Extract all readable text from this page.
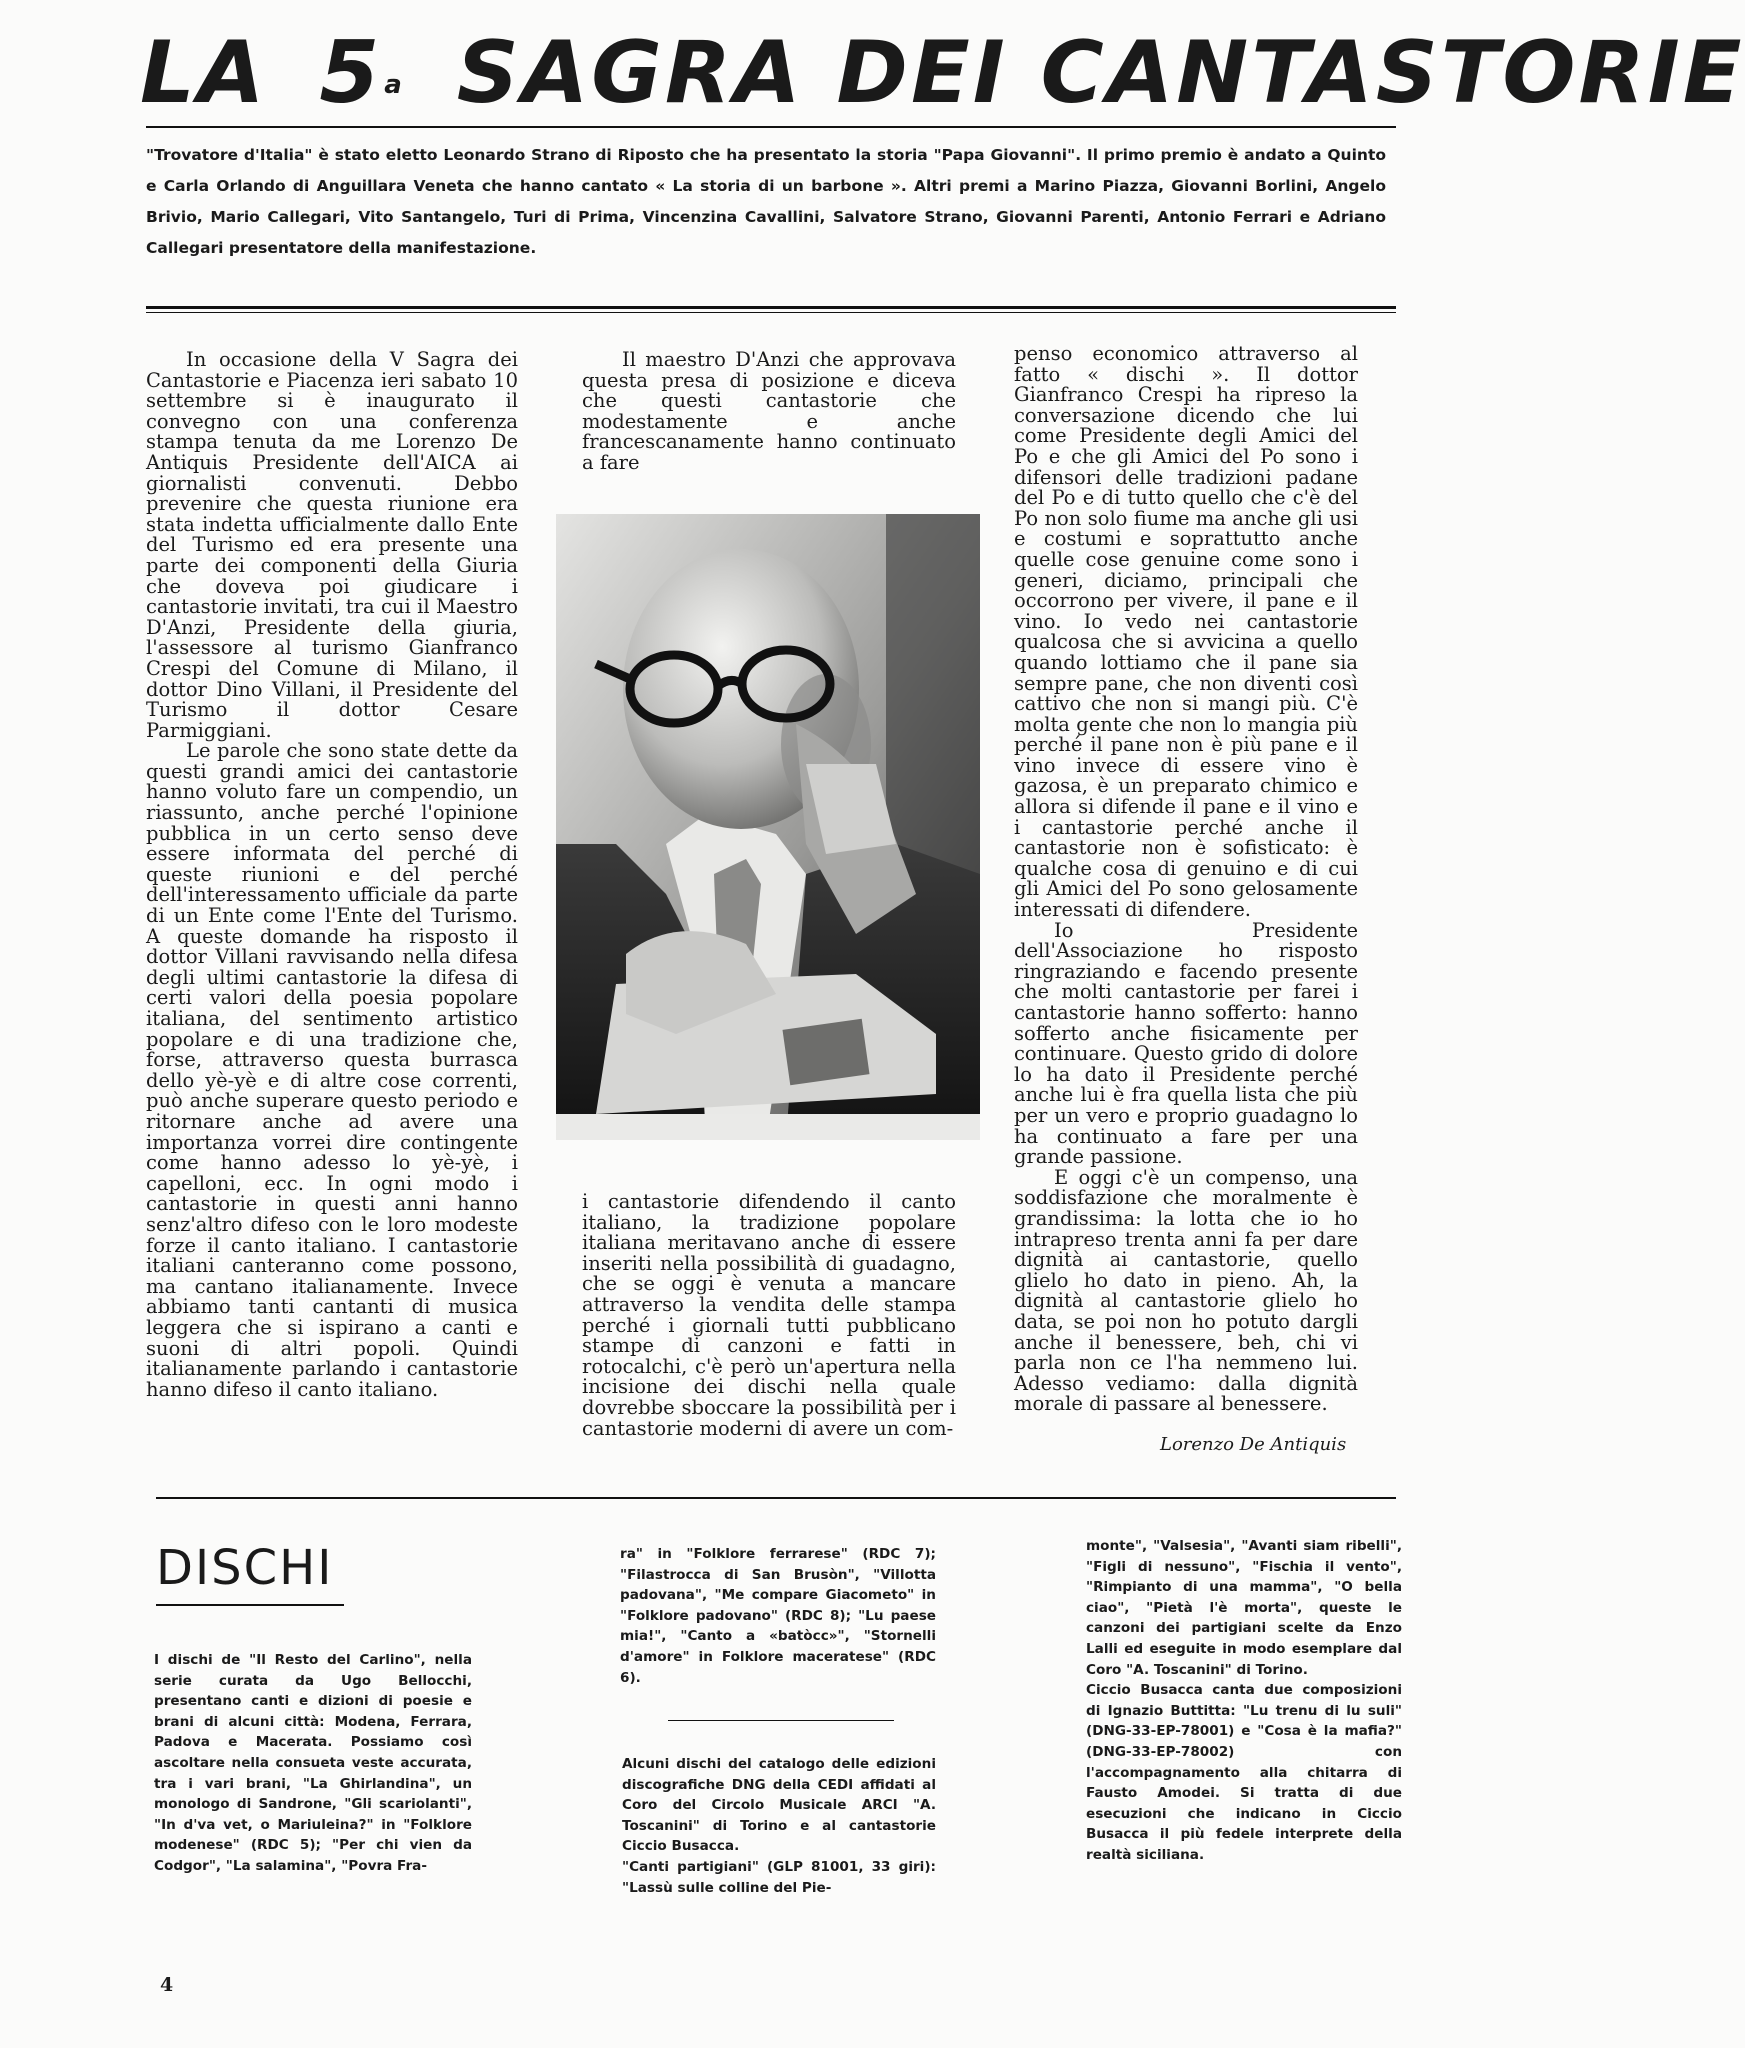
LA 5$^a$ SAGRA DEI CANTASTORIE
"Trovatore d'Italia" è stato eletto Leonardo Strano di Riposto che ha presentato la storia "Papa Giovanni". Il primo premio è andato a Quinto e Carla Orlando di Anguillara Veneta che hanno cantato « La storia di un barbone ». Altri premi a Marino Piazza, Giovanni Borlini, Angelo Brivio, Mario Callegari, Vito Santangelo, Turi di Prima, Vincenzina Cavallini, Salvatore Strano, Giovanni Parenti, Antonio Ferrari e Adriano Callegari presentatore della manifestazione.

In occasione della V Sagra dei Cantastorie e Piacenza ieri sabato 10 settembre si è inaugurato il convegno con una conferenza stampa tenuta da me Lorenzo De Antiquis Presidente dell'AICA ai giornalisti convenuti. Debbo prevenire che questa riunione era stata indetta ufficialmente dallo Ente del Turismo ed era presente una parte dei componenti della Giuria che doveva poi giudicare i cantastorie invitati, tra cui il Maestro D'Anzi, Presidente della giuria, l'assessore al turismo Gianfranco Crespi del Comune di Milano, il dottor Dino Villani, il Presidente del Turismo il dottor Cesare Parmiggiani.

Le parole che sono state dette da questi grandi amici dei cantastorie hanno voluto fare un compendio, un riassunto, anche perché l'opinione pubblica in un certo senso deve essere informata del perché di queste riunioni e del perché dell'interessamento ufficiale da parte di un Ente come l'Ente del Turismo. A queste domande ha risposto il dottor Villani ravvisando nella difesa degli ultimi cantastorie la difesa di certi valori della poesia popolare italiana, del sentimento artistico popolare e di una tradizione che, forse, attraverso questa burrasca dello yè-yè e di altre cose correnti, può anche superare questo periodo e ritornare anche ad avere una importanza vorrei dire contingente come hanno adesso lo yè-yè, i capelloni, ecc. In ogni modo i cantastorie in questi anni hanno senz'altro difeso con le loro modeste forze il canto italiano. I cantastorie italiani canteranno come possono, ma cantano italianamente. Invece abbiamo tanti cantanti di musica leggera che si ispirano a canti e suoni di altri popoli. Quindi italianamente parlando i cantastorie hanno difeso il canto italiano.

Il maestro D'Anzi che approvava questa presa di posizione e diceva che questi cantastorie che modestamente e anche francescanamente hanno continuato a fare

i cantastorie difendendo il canto italiano, la tradizione popolare italiana meritavano anche di essere inseriti nella possibilità di guadagno, che se oggi è venuta a mancare attraverso la vendita delle stampa perché i giornali tutti pubblicano stampe di canzoni e fatti in rotocalchi, c'è però un'apertura nella incisione dei dischi nella quale dovrebbe sboccare la possibilità per i cantastorie moderni di avere un com-

penso economico attraverso al fatto « dischi ». Il dottor Gianfranco Crespi ha ripreso la conversazione dicendo che lui come Presidente degli Amici del Po e che gli Amici del Po sono i difensori delle tradizioni padane del Po e di tutto quello che c'è del Po non solo fiume ma anche gli usi e costumi e soprattutto anche quelle cose genuine come sono i generi, diciamo, principali che occorrono per vivere, il pane e il vino. Io vedo nei cantastorie qualcosa che si avvicina a quello quando lottiamo che il pane sia sempre pane, che non diventi così cattivo che non si mangi più. C'è molta gente che non lo mangia più perché il pane non è più pane e il vino invece di essere vino è gazosa, è un preparato chimico e allora si difende il pane e il vino e i cantastorie perché anche il cantastorie non è sofisticato: è qualche cosa di genuino e di cui gli Amici del Po sono gelosamente interessati di difendere.

Io Presidente dell'Associazione ho risposto ringraziando e facendo presente che molti cantastorie per farei i cantastorie hanno sofferto: hanno sofferto anche fisicamente per continuare. Questo grido di dolore lo ha dato il Presidente perché anche lui è fra quella lista che più per un vero e proprio guadagno lo ha continuato a fare per una grande passione.

E oggi c'è un compenso, una soddisfazione che moralmente è grandissima: la lotta che io ho intrapreso trenta anni fa per dare dignità ai cantastorie, quello glielo ho dato in pieno. Ah, la dignità al cantastorie glielo ho data, se poi non ho potuto dargli anche il benessere, beh, chi vi parla non ce l'ha nemmeno lui. Adesso vediamo: dalla dignità morale di passare al benessere.

Lorenzo De Antiquis
DISCHI

I dischi de "Il Resto del Carlino", nella serie curata da Ugo Bellocchi, presentano canti e dizioni di poesie e brani di alcuni città: Modena, Ferrara, Padova e Macerata. Possiamo così ascoltare nella consueta veste accurata, tra i vari brani, "La Ghirlandina", un monologo di Sandrone, "Gli scariolanti", "In d'va vet, o Mariuleina?" in "Folklore modenese" (RDC 5); "Per chi vien da Codgor", "La salamina", "Povra Fra-

ra" in "Folklore ferrarese" (RDC 7); "Filastrocca di San Brusòn", "Villotta padovana", "Me compare Giacometo" in "Folklore padovano" (RDC 8); "Lu paese mia!", "Canto a «batòcc»", "Stornelli d'amore" in Folklore maceratese" (RDC 6).

Alcuni dischi del catalogo delle edizioni discografiche DNG della CEDI affidati al Coro del Circolo Musicale ARCI "A. Toscanini" di Torino e al cantastorie Ciccio Busacca.

"Canti partigiani" (GLP 81001, 33 giri): "Lassù sulle colline del Pie-

monte", "Valsesia", "Avanti siam ribelli", "Figli di nessuno", "Fischia il vento", "Rimpianto di una mamma", "O bella ciao", "Pietà l'è morta", queste le canzoni dei partigiani scelte da Enzo Lalli ed eseguite in modo esemplare dal Coro "A. Toscanini" di Torino.

Ciccio Busacca canta due composizioni di Ignazio Buttitta: "Lu trenu di lu suli" (DNG-33-EP-78001) e "Cosa è la mafia?" (DNG-33-EP-78002) con l'accompagnamento alla chitarra di Fausto Amodei. Si tratta di due esecuzioni che indicano in Ciccio Busacca il più fedele interprete della realtà siciliana.

4
